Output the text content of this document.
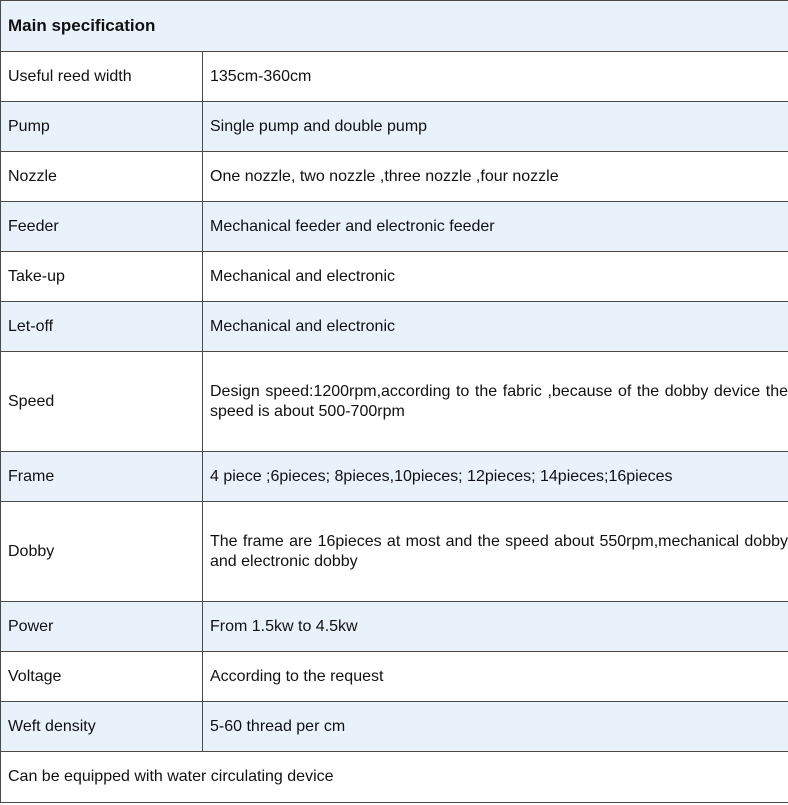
Main specification	
Useful reed width	135cm-360cm
Pump	Single pump and double pump
Nozzle	One nozzle, two nozzle ,three nozzle ,four nozzle
Feeder	Mechanical feeder and electronic feeder
Take-up	Mechanical and electronic
Let-off	Mechanical and electronic
Speed	Design speed:1200rpm,according to the fabric ,because of the dobby device the speed is about 500-700rpm
Frame	4 piece ;6pieces; 8pieces,10pieces; 12pieces; 14pieces;16pieces
Dobby	The frame are 16pieces at most and the speed about 550rpm,mechanical dobby and electronic dobby
Power	From 1.5kw to 4.5kw
Voltage	According to the request
Weft density	5-60 thread per cm
Can be equipped with water circulating device	
